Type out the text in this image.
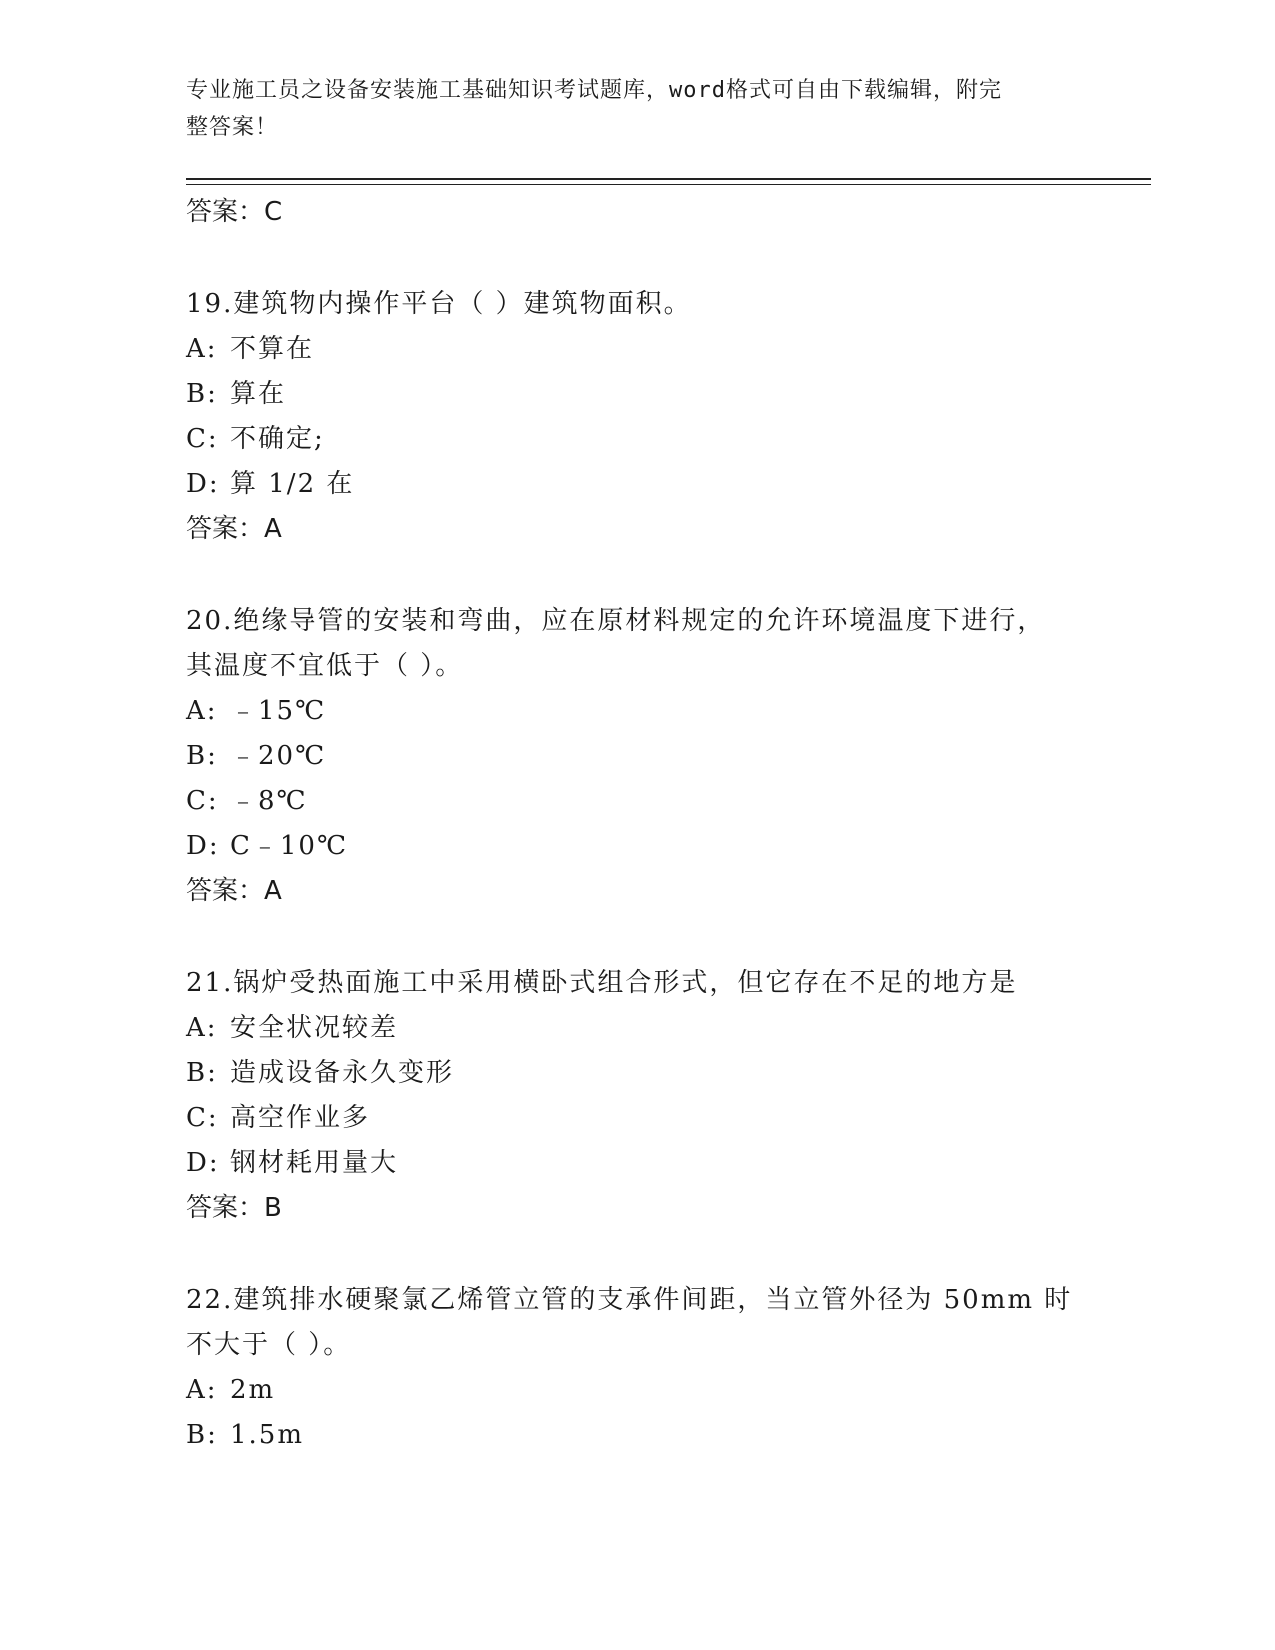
专业施工员之设备安装施工基础知识考试题库，word格式可自由下载编辑，附完
整答案！
答案：C
19.建筑物内操作平台（ ）建筑物面积。
A: 不算在
B: 算在
C: 不确定;
D: 算 1/2 在
答案：A
20.绝缘导管的安装和弯曲，应在原材料规定的允许环境温度下进行，
其温度不宜低于（ ）。
A: ﹣15℃
B: ﹣20℃
C: ﹣8℃
D: C﹣10℃
答案：A
21.锅炉受热面施工中采用横卧式组合形式，但它存在不足的地方是
A: 安全状况较差
B: 造成设备永久变形
C: 高空作业多
D: 钢材耗用量大
答案：B
22.建筑排水硬聚氯乙烯管立管的支承件间距，当立管外径为 50mm 时
不大于（ ）。
A: 2m
B: 1.5m
